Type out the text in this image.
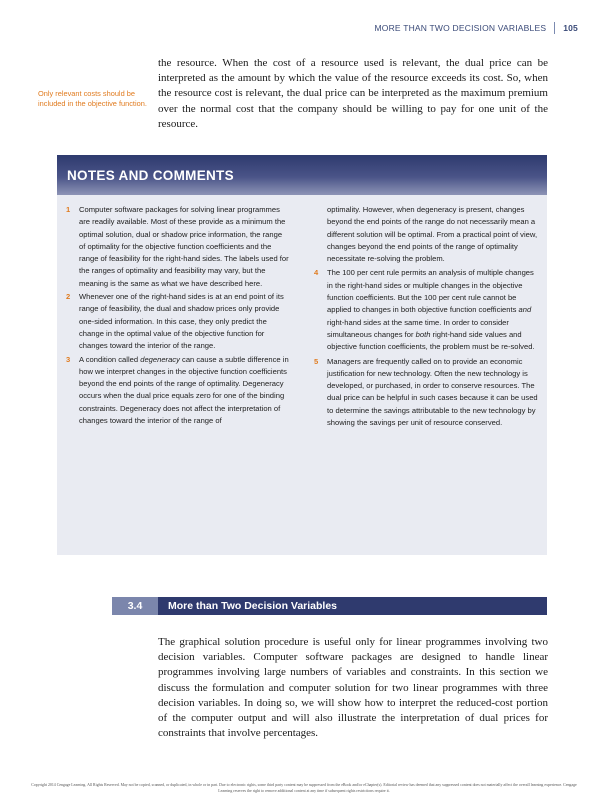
MORE THAN TWO DECISION VARIABLES	105

the resource. When the cost of a resource used is relevant, the dual price can be interpreted as the amount by which the value of the resource exceeds its cost. So, when the resource cost is relevant, the dual price can be interpreted as the maximum premium over the normal cost that the company should be willing to pay for one unit of the resource.

Only relevant costs should be included in the objective function.
NOTES AND COMMENTS
1	Computer software packages for solving linear programmes are readily available. Most of these provide as a minimum the optimal solution, dual or shadow price information, the range of optimality for the objective function coefficients and the range of feasibility for the right-hand sides. The labels used for the ranges of optimality and feasibility may vary, but the meaning is the same as what we have described here.
2	Whenever one of the right-hand sides is at an end point of its range of feasibility, the dual and shadow prices only provide one-sided information. In this case, they only predict the change in the optimal value of the objective function for changes toward the interior of the range.
3	A condition called degeneracy can cause a subtle difference in how we interpret changes in the objective function coefficients beyond the end points of the range of optimality. Degeneracy occurs when the dual price equals zero for one of the binding constraints. Degeneracy does not affect the interpretation of changes toward the interior of the range of
optimality. However, when degeneracy is present, changes beyond the end points of the range do not necessarily mean a different solution will be optimal. From a practical point of view, changes beyond the end points of the range of optimality necessitate re-solving the problem.
4	The 100 per cent rule permits an analysis of multiple changes in the right-hand sides or multiple changes in the objective function coefficients. But the 100 per cent rule cannot be applied to changes in both objective function coefficients and right-hand sides at the same time. In order to consider simultaneous changes for both right-hand side values and objective function coefficients, the problem must be re-solved.
5	Managers are frequently called on to provide an economic justification for new technology. Often the new technology is developed, or purchased, in order to conserve resources. The dual price can be helpful in such cases because it can be used to determine the savings attributable to the new technology by showing the savings per unit of resource conserved.
3.4	More than Two Decision Variables

The graphical solution procedure is useful only for linear programmes involving two decision variables. Computer software packages are designed to handle linear programmes involving large numbers of variables and constraints. In this section we discuss the formulation and computer solution for two linear programmes with three decision variables. In doing so, we will show how to interpret the reduced-cost portion of the computer output and will also illustrate the interpretation of dual prices for constraints that involve percentages.

Copyright 2014 Cengage Learning. All Rights Reserved. May not be copied, scanned, or duplicated, in whole or in part. Due to electronic rights, some third party content may be suppressed from the eBook and/or eChapter(s). Editorial review has deemed that any suppressed content does not materially affect the overall learning experience. Cengage Learning reserves the right to remove additional content at any time if subsequent rights restrictions require it.
